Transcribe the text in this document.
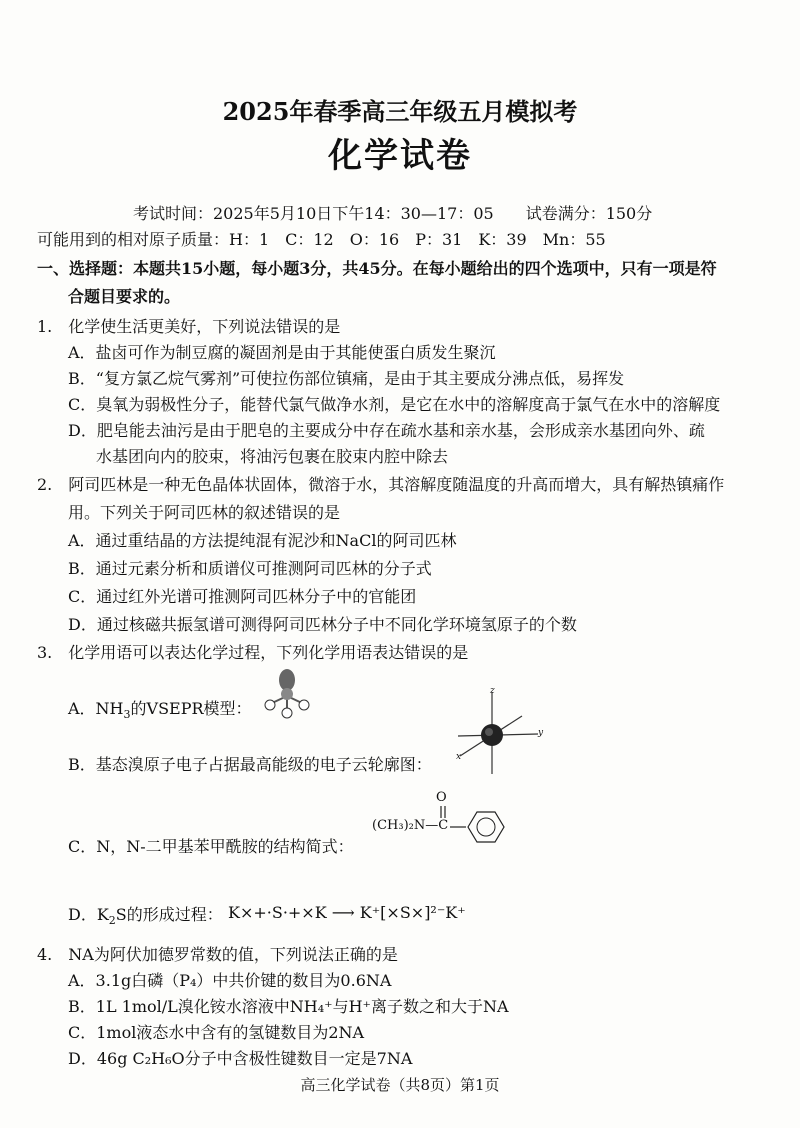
2025年春季高三年级五月模拟考
化学试卷
考试时间：2025年5月10日下午14：30—17：05　　试卷满分：150分
可能用到的相对原子质量：H：1　C：12　O：16　P：31　K：39　Mn：55
一、选择题：本题共15小题，每小题3分，共45分。在每小题给出的四个选项中，只有一项是符
合题目要求的。
1.　化学使生活更美好，下列说法错误的是
A．盐卤可作为制豆腐的凝固剂是由于其能使蛋白质发生聚沉
B．“复方氯乙烷气雾剂”可使拉伤部位镇痛，是由于其主要成分沸点低，易挥发
C．臭氧为弱极性分子，能替代氯气做净水剂，是它在水中的溶解度高于氯气在水中的溶解度
D．肥皂能去油污是由于肥皂的主要成分中存在疏水基和亲水基，会形成亲水基团向外、疏
水基团向内的胶束，将油污包裹在胶束内腔中除去
2.　阿司匹林是一种无色晶体状固体，微溶于水，其溶解度随温度的升高而增大，具有解热镇痛作
用。下列关于阿司匹林的叙述错误的是
A．通过重结晶的方法提纯混有泥沙和NaCl的阿司匹林
B．通过元素分析和质谱仪可推测阿司匹林的分子式
C．通过红外光谱可推测阿司匹林分子中的官能团
D．通过核磁共振氢谱可测得阿司匹林分子中不同化学环境氢原子的个数
3.　化学用语可以表达化学过程，下列化学用语表达错误的是
A．$NH_3$的VSEPR模型：
B．基态溴原子电子占据最高能级的电子云轮廓图：
z
y
x
C．N，N-二甲基苯甲酰胺的结构简式：
(CH₃)₂N—C
O
D．$K_2S$的形成过程： K×+·S·+×K ⟶ K⁺[×S×]²⁻K⁺
4.　NA为阿伏加德罗常数的值，下列说法正确的是
A．3.1g白磷（P₄）中共价键的数目为0.6NA
B．1L 1mol/L溴化铵水溶液中NH₄⁺与H⁺离子数之和大于NA
C．1mol液态水中含有的氢键数目为2NA
D．46g C₂H₆O分子中含极性键数目一定是7NA
高三化学试卷（共8页）第1页
